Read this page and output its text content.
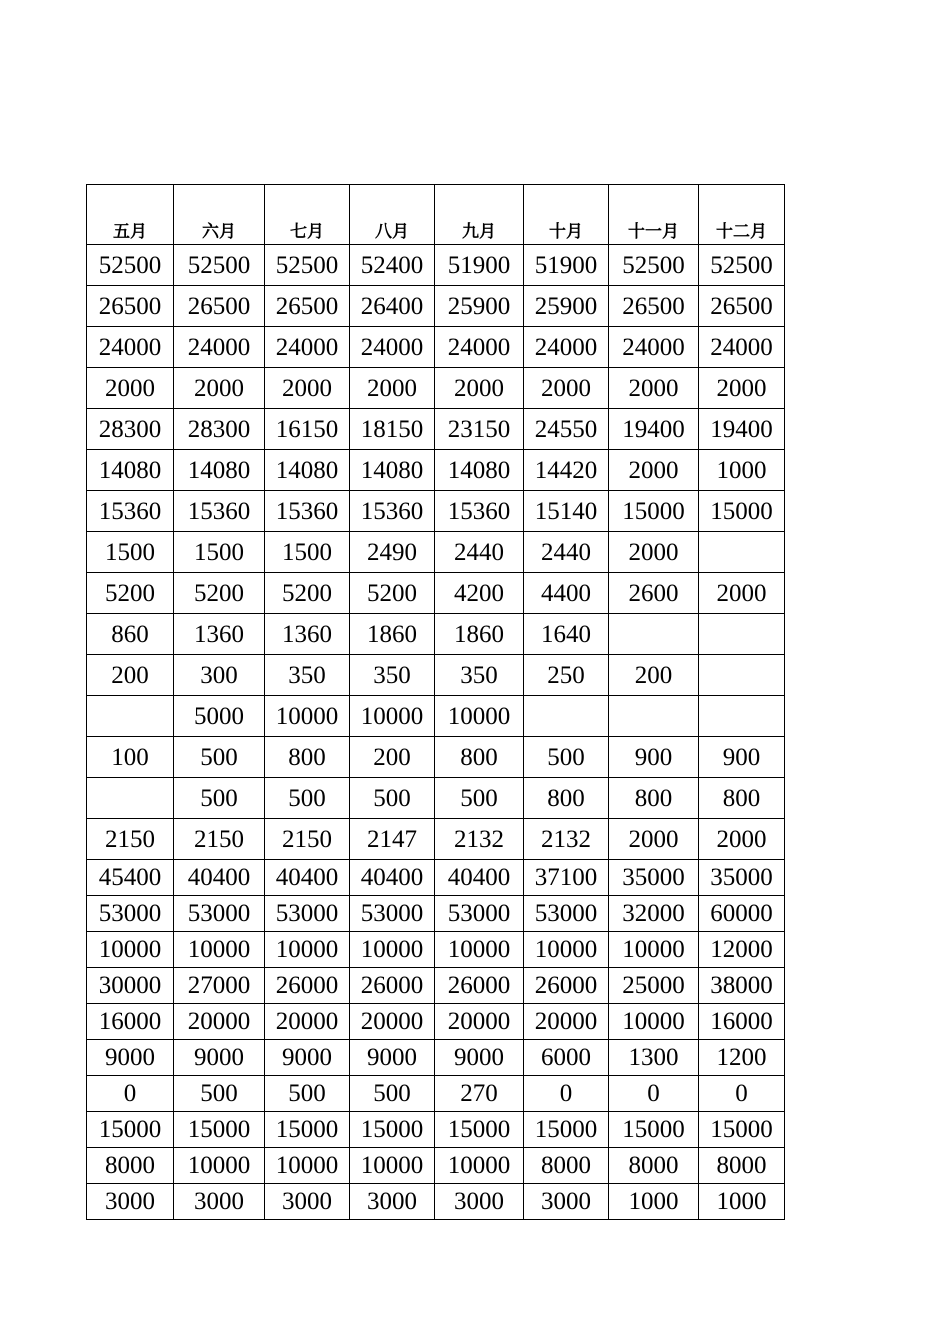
五月	六月	七月	八月	九月	十月	十一月	十二月
52500	52500	52500	52400	51900	51900	52500	52500
26500	26500	26500	26400	25900	25900	26500	26500
24000	24000	24000	24000	24000	24000	24000	24000
2000	2000	2000	2000	2000	2000	2000	2000
28300	28300	16150	18150	23150	24550	19400	19400
14080	14080	14080	14080	14080	14420	2000	1000
15360	15360	15360	15360	15360	15140	15000	15000
1500	1500	1500	2490	2440	2440	2000	
5200	5200	5200	5200	4200	4400	2600	2000
860	1360	1360	1860	1860	1640		
200	300	350	350	350	250	200	
	5000	10000	10000	10000			
100	500	800	200	800	500	900	900
	500	500	500	500	800	800	800
2150	2150	2150	2147	2132	2132	2000	2000
45400	40400	40400	40400	40400	37100	35000	35000
53000	53000	53000	53000	53000	53000	32000	60000
10000	10000	10000	10000	10000	10000	10000	12000
30000	27000	26000	26000	26000	26000	25000	38000
16000	20000	20000	20000	20000	20000	10000	16000
9000	9000	9000	9000	9000	6000	1300	1200
0	500	500	500	270	0	0	0
15000	15000	15000	15000	15000	15000	15000	15000
8000	10000	10000	10000	10000	8000	8000	8000
3000	3000	3000	3000	3000	3000	1000	1000
